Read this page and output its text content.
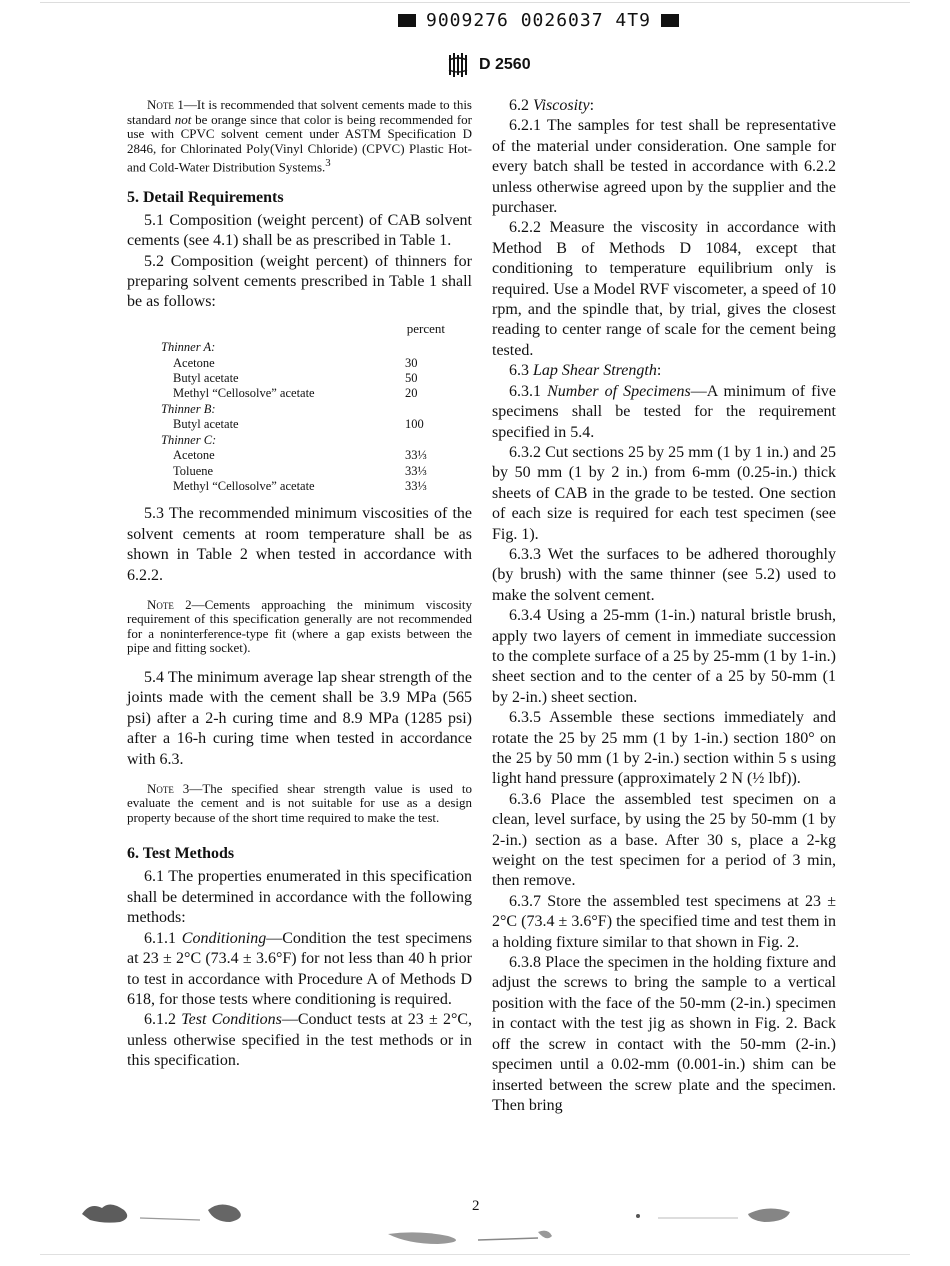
9009276 0026037 4T9
D 2560

Note 1—It is recommended that solvent cements made to this standard not be orange since that color is being recommended for use with CPVC solvent cement under ASTM Specification D 2846, for Chlorinated Poly(Vinyl Chloride) (CPVC) Plastic Hot- and Cold-Water Distribution Systems.$^3$

5. Detail Requirements

5.1 Composition (weight percent) of CAB solvent cements (see 4.1) shall be as prescribed in Table 1.

5.2 Composition (weight percent) of thinners for preparing solvent cements prescribed in Table 1 shall be as follows:

percent
Thinner A:
Acetone	30
Butyl acetate	50
Methyl “Cellosolve” acetate	20
Thinner B:
Butyl acetate	100
Thinner C:
Acetone	33⅓
Toluene	33⅓
Methyl “Cellosolve” acetate	33⅓

5.3 The recommended minimum viscosities of the solvent cements at room temperature shall be as shown in Table 2 when tested in accordance with 6.2.2.

Note 2—Cements approaching the minimum viscosity requirement of this specification generally are not recommended for a noninterference-type fit (where a gap exists between the pipe and fitting socket).

5.4 The minimum average lap shear strength of the joints made with the cement shall be 3.9 MPa (565 psi) after a 2-h curing time and 8.9 MPa (1285 psi) after a 16-h curing time when tested in accordance with 6.3.

Note 3—The specified shear strength value is used to evaluate the cement and is not suitable for use as a design property because of the short time required to make the test.

6. Test Methods

6.1 The properties enumerated in this specification shall be determined in accordance with the following methods:

6.1.1 Conditioning—Condition the test specimens at 23 ± 2°C (73.4 ± 3.6°F) for not less than 40 h prior to test in accordance with Procedure A of Methods D 618, for those tests where conditioning is required.

6.1.2 Test Conditions—Conduct tests at 23 ± 2°C, unless otherwise specified in the test methods or in this specification.

6.2 Viscosity:

6.2.1 The samples for test shall be representative of the material under consideration. One sample for every batch shall be tested in accordance with 6.2.2 unless otherwise agreed upon by the supplier and the purchaser.

6.2.2 Measure the viscosity in accordance with Method B of Methods D 1084, except that conditioning to temperature equilibrium only is required. Use a Model RVF viscometer, a speed of 10 rpm, and the spindle that, by trial, gives the closest reading to center range of scale for the cement being tested.

6.3 Lap Shear Strength:

6.3.1 Number of Specimens—A minimum of five specimens shall be tested for the requirement specified in 5.4.

6.3.2 Cut sections 25 by 25 mm (1 by 1 in.) and 25 by 50 mm (1 by 2 in.) from 6-mm (0.25-in.) thick sheets of CAB in the grade to be tested. One section of each size is required for each test specimen (see Fig. 1).

6.3.3 Wet the surfaces to be adhered thoroughly (by brush) with the same thinner (see 5.2) used to make the solvent cement.

6.3.4 Using a 25-mm (1-in.) natural bristle brush, apply two layers of cement in immediate succession to the complete surface of a 25 by 25-mm (1 by 1-in.) sheet section and to the center of a 25 by 50-mm (1 by 2-in.) sheet section.

6.3.5 Assemble these sections immediately and rotate the 25 by 25 mm (1 by 1-in.) section 180° on the 25 by 50 mm (1 by 2-in.) section within 5 s using light hand pressure (approximately 2 N (½ lbf)).

6.3.6 Place the assembled test specimen on a clean, level surface, by using the 25 by 50-mm (1 by 2-in.) section as a base. After 30 s, place a 2-kg weight on the test specimen for a period of 3 min, then remove.

6.3.7 Store the assembled test specimens at 23 ± 2°C (73.4 ± 3.6°F) the specified time and test them in a holding fixture similar to that shown in Fig. 2.

6.3.8 Place the specimen in the holding fixture and adjust the screws to bring the sample to a vertical position with the face of the 50-mm (2-in.) specimen in contact with the test jig as shown in Fig. 2. Back off the screw in contact with the 50-mm (2-in.) specimen until a 0.02-mm (0.001-in.) shim can be inserted between the screw plate and the specimen. Then bring

2
